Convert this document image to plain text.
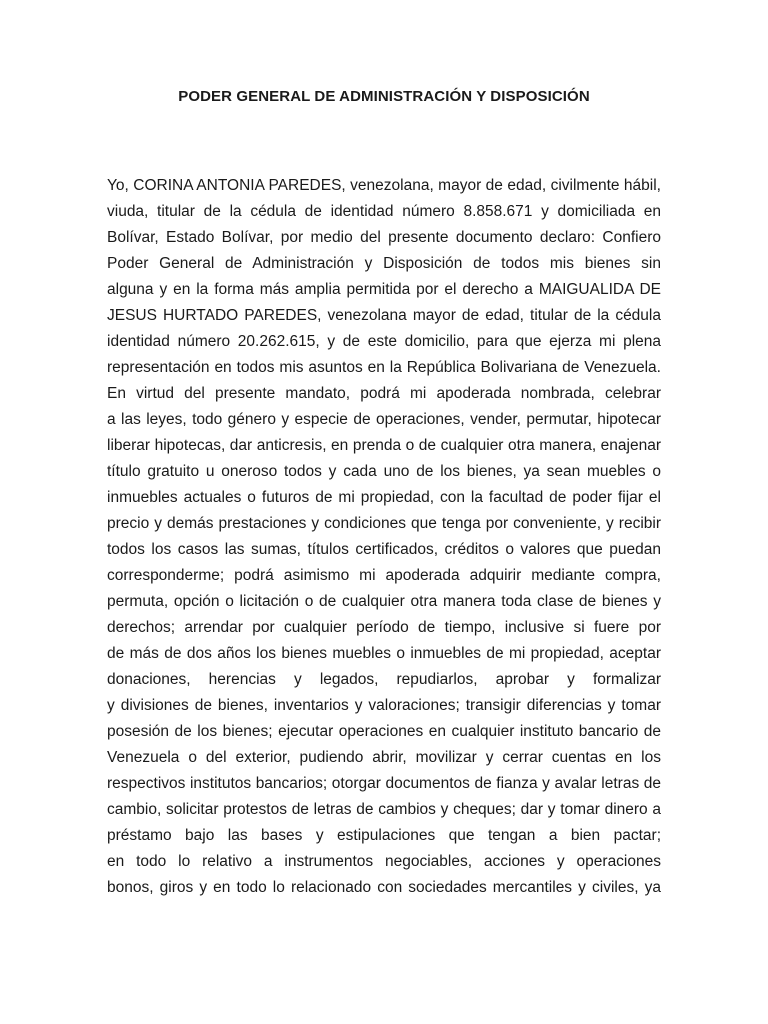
PODER GENERAL DE ADMINISTRACIÓN Y DISPOSICIÓN
Yo, CORINA ANTONIA PAREDES, venezolana, mayor de edad, civilmente hábil,
viuda, titular de la cédula de identidad número 8.858.671 y domiciliada en
Bolívar, Estado Bolívar, por medio del presente documento declaro: Confiero
Poder General de Administración y Disposición de todos mis bienes sin
alguna y en la forma más amplia permitida por el derecho a MAIGUALIDA DE
JESUS HURTADO PAREDES, venezolana mayor de edad, titular de la cédula
identidad número 20.262.615, y de este domicilio, para que ejerza mi plena
representación en todos mis asuntos en la República Bolivariana de Venezuela.
En virtud del presente mandato, podrá mi apoderada nombrada, celebrar
a las leyes, todo género y especie de operaciones, vender, permutar, hipotecar
liberar hipotecas, dar anticresis, en prenda o de cualquier otra manera, enajenar
título gratuito u oneroso todos y cada uno de los bienes, ya sean muebles o
inmuebles actuales o futuros de mi propiedad, con la facultad de poder fijar el
precio y demás prestaciones y condiciones que tenga por conveniente, y recibir
todos los casos las sumas, títulos certificados, créditos o valores que puedan
corresponderme; podrá asimismo mi apoderada adquirir mediante compra,
permuta, opción o licitación o de cualquier otra manera toda clase de bienes y
derechos; arrendar por cualquier período de tiempo, inclusive si fuere por
de más de dos años los bienes muebles o inmuebles de mi propiedad, aceptar
donaciones, herencias y legados, repudiarlos, aprobar y formalizar
y divisiones de bienes, inventarios y valoraciones; transigir diferencias y tomar
posesión de los bienes; ejecutar operaciones en cualquier instituto bancario de
Venezuela o del exterior, pudiendo abrir, movilizar y cerrar cuentas en los
respectivos institutos bancarios; otorgar documentos de fianza y avalar letras de
cambio, solicitar protestos de letras de cambios y cheques; dar y tomar dinero a
préstamo bajo las bases y estipulaciones que tengan a bien pactar;
en todo lo relativo a instrumentos negociables, acciones y operaciones
bonos, giros y en todo lo relacionado con sociedades mercantiles y civiles, ya
